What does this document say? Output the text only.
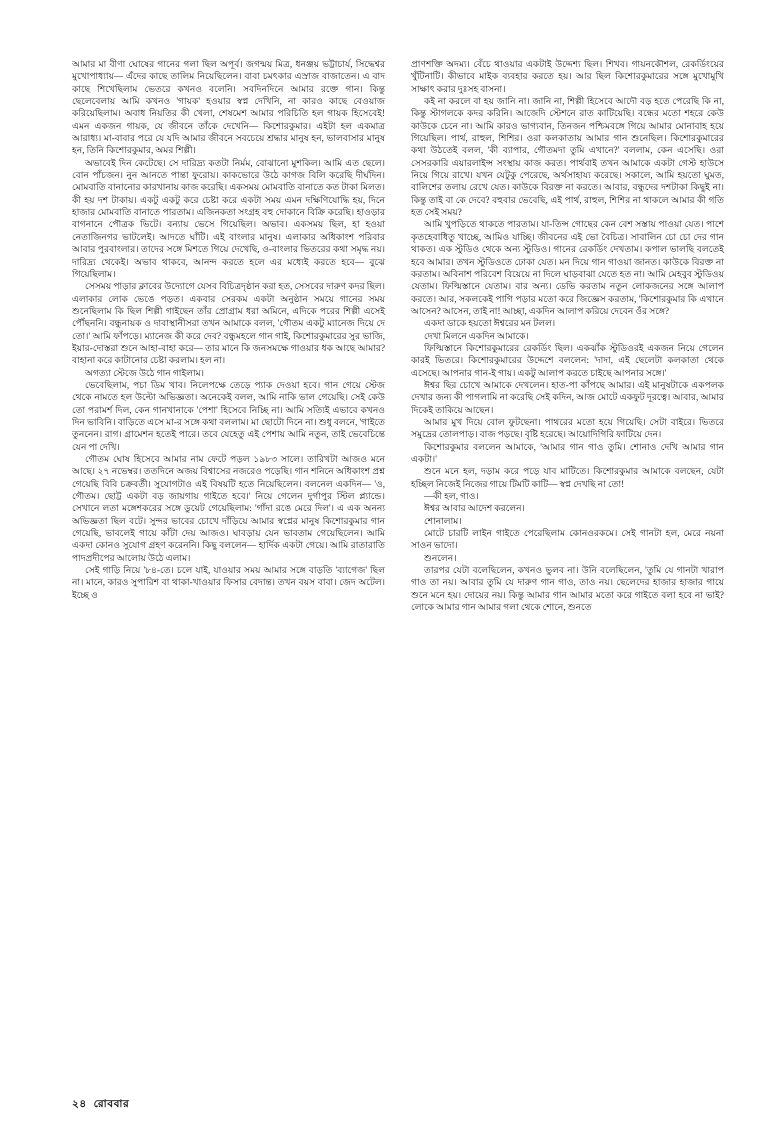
আমার মা বীণা ঘোষের গানের গলা ছিল অপূর্ব। জগন্ময় মিত্র, ধনঞ্জয় ভট্টাচার্য, সিদ্ধেশ্বর মুখোপাধ্যায়— এঁদের কাছে তালিম নিয়েছিলেন। বাবা চমৎকার এস্রাজ বাজাতেন। এ বাদ কাছে শিখেছিলাম ভেতরে কখনও বলেনি। সবদিনদিনে আমার রক্তে গান। কিন্তু ছেলেবেলায় আমি কখনও 'গায়ক' হওয়ার স্বপ্ন দেখিনি, না কারও কাছে বেওয়াজ করিয়েছিলাম। অবাধ নিয়তির কী খেলা, শেষমেশ আমার পরিচিতি হল গায়ক হিসেবেই! এমন একজন গায়ক, যে জীবনে তাঁকে দেখেনি— কিশোরকুমার। এইটা হল একমাত্র আরাধ্য। মা-বাবার পরে যে যদি আমার জীবনে সবচেয়ে শ্রদ্ধার মানুষ হন, ভালবাসার মানুষ হন, তিনি কিশোরকুমার, অমর শিল্পী।

অভাবেই দিন কেটেছে। সে দারিদ্র্য কতটা নির্মম, বোঝানো মুশকিল। আমি এত ছেলে। বোন পাঁচজন। নুন আনতে পান্তা ফুরোয়। কাকভোরে উঠে কাগজ বিলি করেছি দীর্ঘদিন। মোমবাতি বানানোর কারখানায় কাজ করেছি। একসময় মোমবাতি বানাতে কত টাকা মিলত। কী হয় দশ টাকায়। একটু একটু করে চেষ্টা করে একটা সময় এমন দক্ষিণিযোদ্ধি হয়, দিনে হাজার মোমবাতি বানাতে পারতাম। এজিনকতা সংগ্রহ বহু দোকানে বিক্রি করেছি। হাওড়ার বাগনানে পৌত্রক ভিটে। বন্যায় ভেসে গিয়েছিল। অভাব। একসময় ছিল, হা হওয়া নেতাজিনগর ভাটলেই। আদতে ঘাঁটি। এই বাংলার মানুষ। এলাকার অধিকাংশ পরিবার আবার পুরবাংলার। তাদের সঙ্গে মিশতে গিয়ে দেখেছি, ও-বাংলার ভিতরের কথা সমৃদ্ধ নয়। দারিদ্র্য থেকেই। অভাব থাকবে, আনন্দ করতে হলে এর মধ্যেই করতে হবে— বুঝে গিয়েছিলাম।

সেসময় পাড়ার ক্লাবের উদ্যোগে যেসব বিচিত্রদৃষ্ঠান করা হত, সেসবের দারুণ কদর ছিল। এলাকার লোক ভেঙে পড়ত। একবার সেরকম একটা অনুষ্ঠান সময়ে গানের সময় শুনেছিলাম কি ছিল শিল্পী গাইছেন তাঁর প্রোগ্রাম ধরা অমিনে, এদিকে পরের শিল্পী এসেই পৌঁছননি। বন্ধুনায়ক ও দাবাস্থানীসরা তখন আমাকে বলল, 'গৌতম একটু ম্যানেজ দিয়ে দে তো।' আমি ফাঁপড়ে। ম্যানেজ কী করে দেব? বন্ধুমহলে গান গাই, কিশোরকুমারের সুর ভাজি, ইয়ার-দোস্তরা শুনে আহা-বাহা করে— তার মানে কি জনসমক্ষে গাওয়ার ধক আছে আমার? বাহানা করে কাটানোর চেষ্টা করলাম। হল না।

অগত্যা স্টেজে উঠে গান গাইলাম।

ভেবেছিলাম, পচা ডিম খাব। নিলেপক্ষে তেড়ে প্যাক দেওয়া হবে। গান গেয়ে স্টেজ থেকে নামতে হল উল্টো অভিজ্ঞতা। অনেকেই বলল, আমি নাকি ভাল গেয়েছি। সেই কেউ তো পরামর্শ দিল, কেন গানখানাকে 'পেশা' হিসেবে নিচ্ছি না। আমি সত্যিই এভাবে কখনও দিন ভাবিনি। বাড়িতে এসে মা-র সঙ্গে কথা বললাম। মা ছোটো দিনে না। শুধু বলনে, 'গাইতে তুননেন। রাগ। গ্রামেশন হতেই পারে। তবে যেহেতু এই পেশায় আমি নতুন, তাই ভেবেচিন্তে যেন পা দেখি।

গৌতম ঘোষ হিসেবে আমার নাম ফেটে পড়ল ১৯৮৩ সালে। তারিখটা আজও মনে আছে। ২৭ নভেম্বর। ততদিনে অজয় বিশ্বাসের নজরেও পড়েছি। গান শনিনে অধিকাংশ প্রশ্ন গেয়েছি বিবি চক্রবর্তী। সুযোগটাও এই বিষয়টি হতে নিয়েছিলেন। বলনেল একদিন— 'ও, গৌতম। ছোট্ট একটা বড় জায়গায় গাইতে হবে।' নিয়ে গেলেন দুর্গাপুর স্টিল প্ল্যান্ডে। সেখানে লতা মঙ্গেশকরের সঙ্গে ডুয়েট গেয়েছিলাম: 'গাঁদা রঙে মেরে দিল'। এ এক অনন্য অভিজ্ঞতা ছিল বটে। সুন্দর ভাবের চোখে দাঁড়িয়ে আমার স্বপ্নের মানুষ কিশোরকুমার গান গেয়েছি, ভাবলেই গায়ে কাঁটা দেয় আজও। ঘাবড়ায় যেন ভাবতাম গেয়েছিলেন। আমি একদা কোনও সুযোগ গ্রহণ করেননি। কিছু বললেন— হার্দিক একটা গেয়ে। আমি রাতারাতি পাদপ্রদীপের আলোয় উঠে এলাম।

সেই গাড়ি নিয়ে '৮৪-তে। চলে যাই, যাওয়ার সময় আমার সঙ্গে বাড়তি 'ব্যাগেজ' ছিল না। মানে, কারও সুপারিশ বা থাকা-খাওয়ার ফিসার বেদান্ত। তখন বয়স বাবা। জেদ অটেল। ইচ্ছে ও

প্রাণশক্তি অদম্য। বেঁচে থাওয়ার একটাই উদ্দেশ্য ছিল। শিখব। গায়নকৌশল, রেকর্ডিংয়ের খুঁটিনাটি। কীভাবে মাইক ব্যবহার করতে হয়। আর ছিল কিশোরকুমারের সঙ্গে মুখোমুখি সাক্ষাৎ করার দুঃসহ বাসনা।

কই না করলে বা হয় জানি না। জানি না, শিল্পী হিসেবে আদৌ বড় হতে পেরেছি কি না, কিন্তু স্টাগলকে কদর করিনি। আজেদি স্টেশনে রাত কাটিয়েছি। বন্ধের মতো শহরে কেউ কাউকে চেনে না। আমি কারও ভাগ্যবান, তিনজন পশ্চিমবঙ্গে গিয়ে আমার মোনাবাহ হয়ে গিয়েছিল। পার্থ, রাহুল, শিশির। ওরা কলকাতায় আমার গান শুনেছিল। কিশোরকুমারের কথা উঠতেই বলল, 'কী ব্যাপার, গৌতমদা তুমি এখানে?' বললাম, কেন এসেছি। ওরা সেসরকারি এয়ারলাইন্স সংস্থায় কাজ করত। পার্থবাই তখন আমাকে একটা গেস্ট হাউসে নিয়ে গিয়ে রাখে। যখন যেটুকু পেরেছে, অর্থসাহায্য করেছে। সকালে, আমি হয়তো ঘুমত, বালিশের তলায় রেখে যেত। কাউকে বিরক্ত না করতে। আবার, বন্ধুদের দশটাকা কিছুই না। কিন্তু তাই বা কে দেবে? বহুবার ভেবেছি, এই পার্থ, রাহুল, শিশির না থাকলে আমার কী গতি হত সেই সময়?

আমি খুপড়িতে থাকতে পারতাম। যা-তিন্স গোছের কেন বেশ সস্তায় পাওয়া যেত। পাশে কৃতহেবাধিতু খাচ্ছে, আমিও যাচ্ছি। জীবনের এই ভো বৈচিত্র। সাবালিন চো চো দের গান থাকত। এক স্টুডিও থেকে অন্য স্টুডিও। গানের রেকর্ডিং দেখতাম। কপাল ভালছি বলতেই হবে আমার। তখন স্টুডিওতে ঢোকা যেত। মন দিয়ে গান গাওয়া জানত। কাউকে বিরক্ত না করতাম। অবিনাশ পরিবেশ বিয়েয়ে না দিলে ঘাড়বাঝা যেতে হত না। আমি মেহবুব স্টুডিওয় যেতাম। ফিল্মিস্তানে যেতাম। বার অন্য। ডেভি করতাম নতুন লোকজনের সঙ্গে আলাপ করতে। আর, সকলকেই পাগি পড়ার মতো করে জিজ্ঞেস করতাম, 'কিশোরকুমার কি এখানে আসেন? আসেন, তাই না! আচ্ছা, একদিন আলাপ করিয়ে দেবেন ওঁর সঙ্গে?

একদা ডাকে হয়তো ঈশ্বরের মন টলল।

দেখা মিলনে একদিন আমাকে।

ফিল্মিস্তানে কিশোরকুমারের রেকর্ডিং ছিল। একঝাঁক স্টুডিওরই একজন নিয়ে গেলেন কারই ভিতরে। কিশোরকুমারের উদ্দেশে বললেন: 'দাদা, এই ছেলেটা কলকাতা থেকে এসেছে। আপনার গান-ই গায়। একটু আলাপ করতে চাইছে আপনার সঙ্গে।'

ঈশ্বর ছির চোখে আমাকে দেখলেন। হাত-পা কাঁপছে আমার। এই মানুষটাকে একপলক দেখার জন্য কী পাগলামি না করেছি সেই কদিন, আজ মোটে একফুট দূরত্বে। আবার, আমার দিকেই তাকিয়ে আছেন।

আমার মুখ দিয়ে বোল ফুটছেনা। পাথরের মতো হয়ে গিয়েছি। সেটা বাইরে। ভিতরে সমুদ্রের তোলপাড়। বাজ পড়ছে। বৃষ্টি হরেছে। আয়োদিগিরি ফাটিয়ে দেন।

কিশোরকুমার বললেন আমাকে, 'আমার গান গাও তুমি। শোনাও দেখি আমার গান একটা।'

শুনে মনে হল, দড়াম করে পড়ে যাব মাটিতে। কিশোরকুমার আমাকে বলছেন, যেটা হচ্ছিল নিজেই নিজের গায়ে টিমটি কাটি— স্বপ্ন দেখছি না তো!

—কী হল, গাও।

ঈশ্বর আবার আদেশ করলেন।

শোনালাম।

মোটে চারটি লাইন গাইতে পেরেছিলাম কোনওরকমে। সেই গানটা হল, মেরে নয়না সাওন ভাদো।

শুনলেন।

তারপর যেটা বলেছিলেন, কখনও ভুলব না। উনি বলেছিলেন, 'তুমি যে গানটা খারাপ গাও তা নয়। আবার তুমি যে দারুণ গান গাও, তাও নয়। ছেলেদের হাজার হাজার গায়ে শুনে মনে হয়। দোয়ের নয়। কিন্তু আমার গান আমার মতো করে গাইতে বলা হবে না ভাই? লোকে আমার গান আমার গলা থেকে শোনে, শুনতে

২৪ রোববার
